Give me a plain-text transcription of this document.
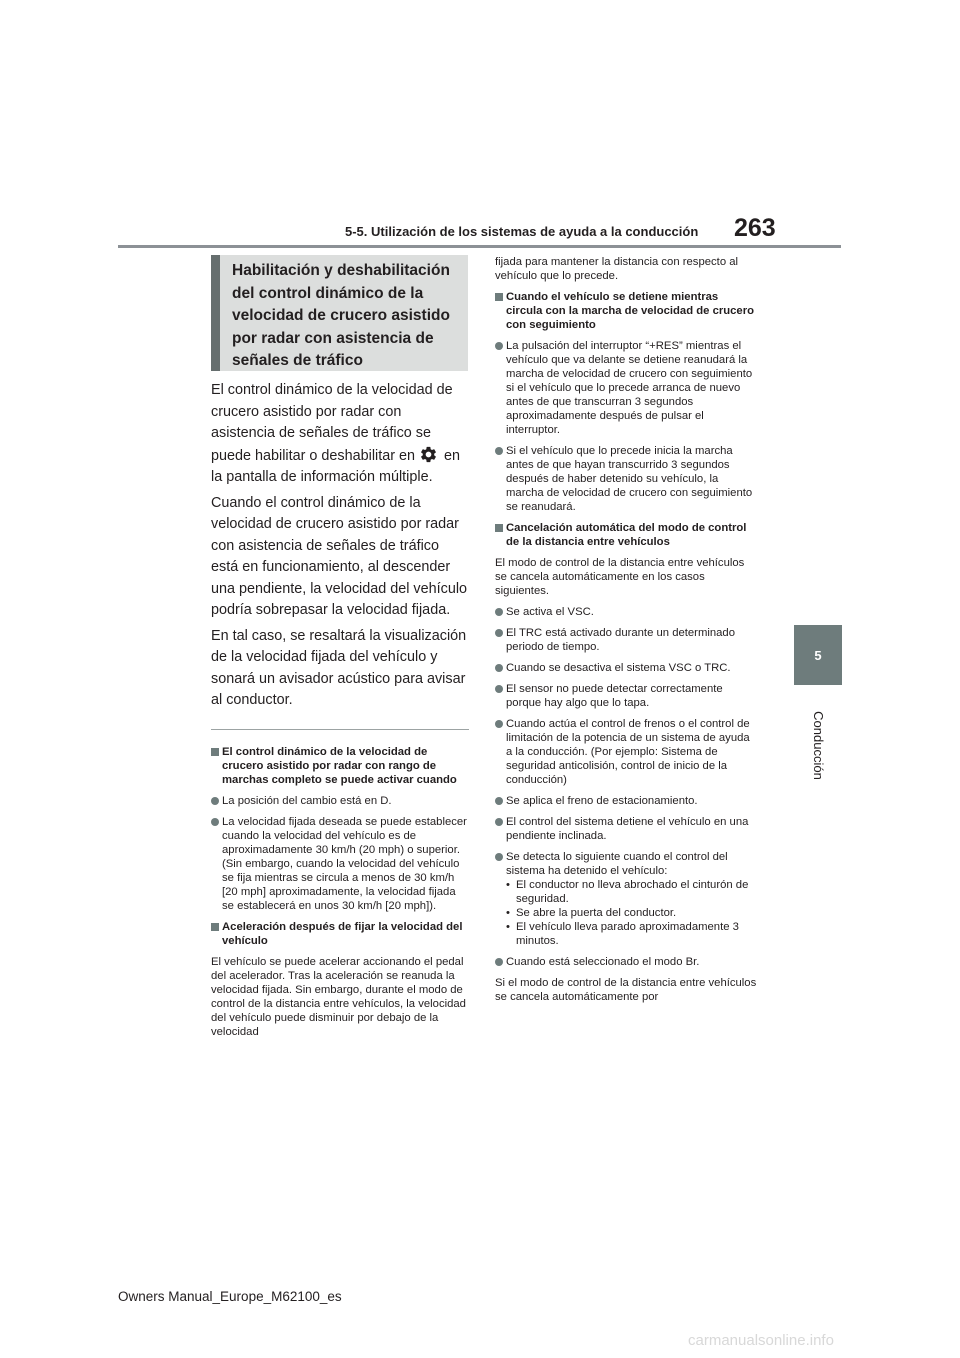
5-5. Utilización de los sistemas de ayuda a la conducción 263
5
Conducción
Habilitación y deshabilitación del control dinámico de la velocidad de crucero asistido por radar con asistencia de señales de tráfico

El control dinámico de la velocidad de crucero asistido por radar con asistencia de señales de tráfico se puede habilitar o deshabilitar en en la pantalla de información múltiple.

Cuando el control dinámico de la velocidad de crucero asistido por radar con asistencia de señales de tráfico está en funcionamiento, al descender una pendiente, la velocidad del vehículo podría sobrepasar la velocidad fijada.

En tal caso, se resaltará la visualización de la velocidad fijada del vehículo y sonará un avisador acústico para avisar al conductor.

El control dinámico de la velocidad de crucero asistido por radar con rango de marchas completo se puede activar cuando
La posición del cambio está en D.
La velocidad fijada deseada se puede establecer cuando la velocidad del vehículo es de aproximadamente 30 km/h (20 mph) o superior.
(Sin embargo, cuando la velocidad del vehículo se fija mientras se circula a menos de 30 km/h [20 mph] aproximadamente, la velocidad fijada se establecerá en unos 30 km/h [20 mph]).
Aceleración después de fijar la velocidad del vehículo
El vehículo se puede acelerar accionando el pedal del acelerador. Tras la aceleración se reanuda la velocidad fijada. Sin embargo, durante el modo de control de la distancia entre vehículos, la velocidad del vehículo puede disminuir por debajo de la velocidad
fijada para mantener la distancia con respecto al vehículo que lo precede.
Cuando el vehículo se detiene mientras circula con la marcha de velocidad de crucero con seguimiento
La pulsación del interruptor “+RES” mientras el vehículo que va delante se detiene reanudará la marcha de velocidad de crucero con seguimiento si el vehículo que lo precede arranca de nuevo antes de que transcurran 3 segundos aproximadamente después de pulsar el interruptor.
Si el vehículo que lo precede inicia la marcha antes de que hayan transcurrido 3 segundos después de haber detenido su vehículo, la marcha de velocidad de crucero con seguimiento se reanudará.
Cancelación automática del modo de control de la distancia entre vehículos
El modo de control de la distancia entre vehículos se cancela automáticamente en los casos siguientes.
Se activa el VSC.
El TRC está activado durante un determinado periodo de tiempo.
Cuando se desactiva el sistema VSC o TRC.
El sensor no puede detectar correctamente porque hay algo que lo tapa.
Cuando actúa el control de frenos o el control de limitación de la potencia de un sistema de ayuda a la conducción. (Por ejemplo: Sistema de seguridad anticolisión, control de inicio de la conducción)
Se aplica el freno de estacionamiento.
El control del sistema detiene el vehículo en una pendiente inclinada.
Se detecta lo siguiente cuando el control del sistema ha detenido el vehículo:
• El conductor no lleva abrochado el cinturón de seguridad.
• Se abre la puerta del conductor.
• El vehículo lleva parado aproximadamente 3 minutos.
Cuando está seleccionado el modo Br.
Si el modo de control de la distancia entre vehículos se cancela automáticamente por
Owners Manual_Europe_M62100_es
carmanualsonline.info
